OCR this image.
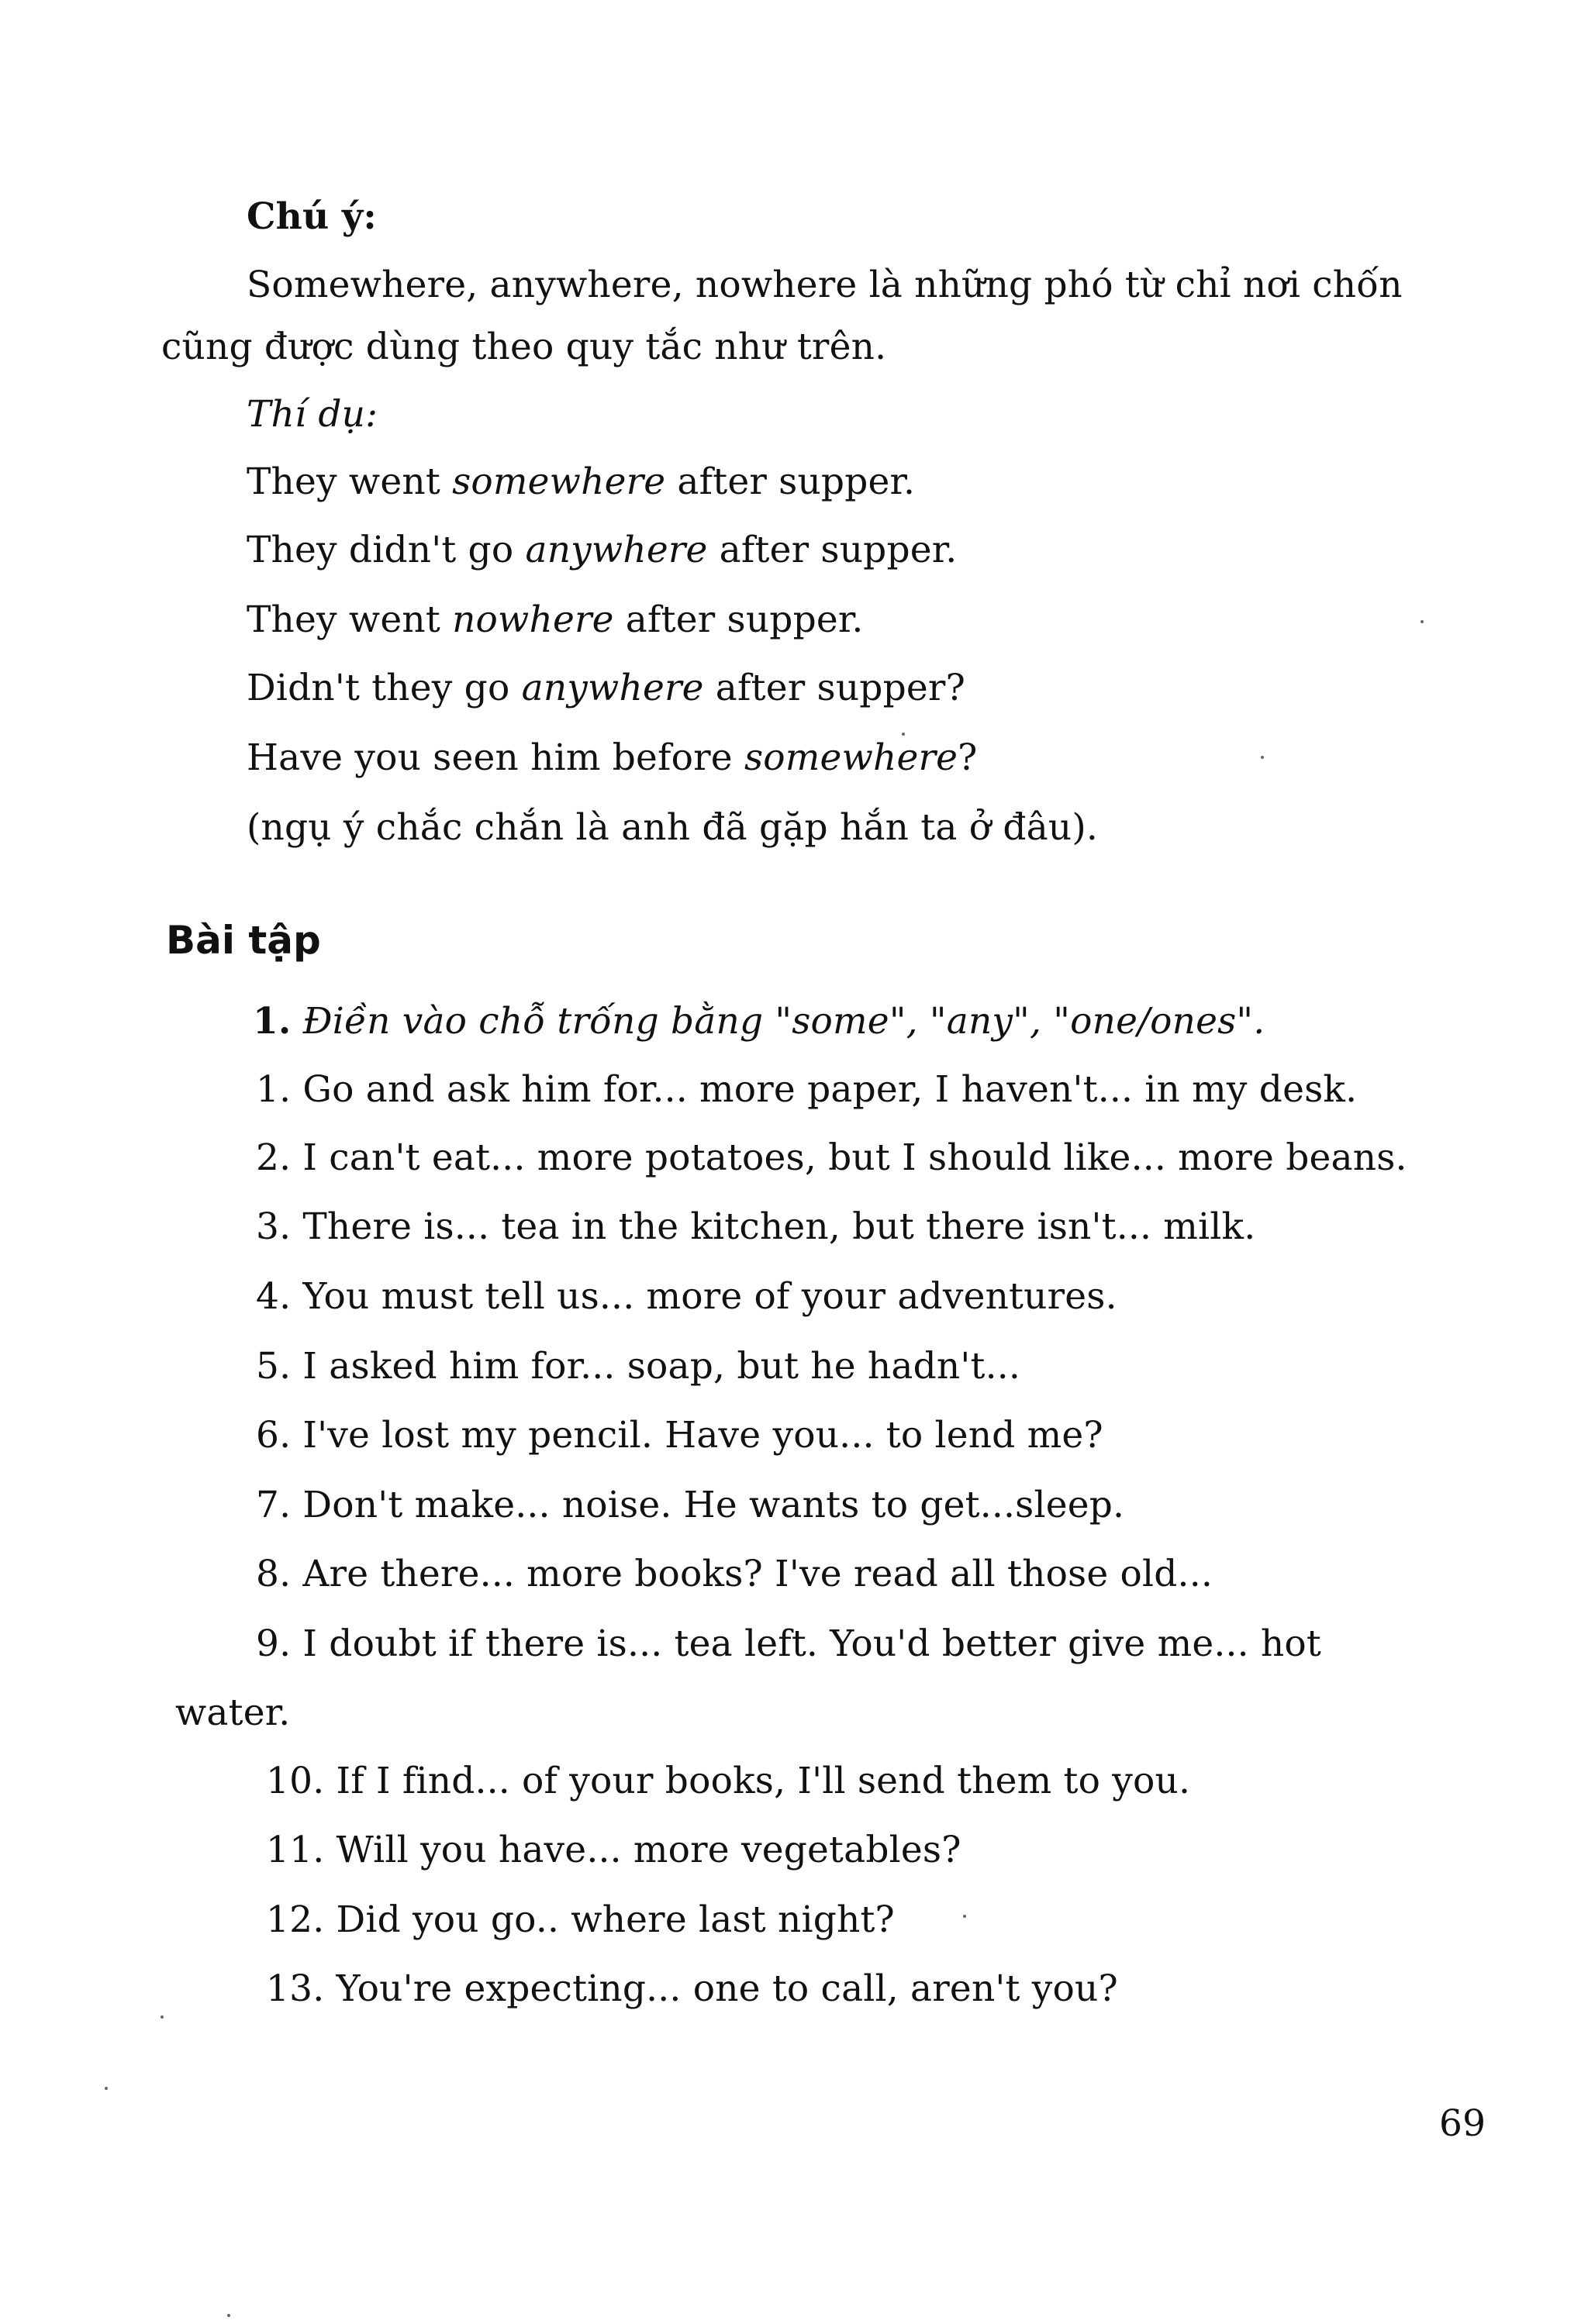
Chú ý:
Somewhere, anywhere, nowhere là những phó từ chỉ nơi chốn
cũng được dùng theo quy tắc như trên.
Thí dụ:
They went somewhere after supper.
They didn't go anywhere after supper.
They went nowhere after supper.
Didn't they go anywhere after supper?
Have you seen him before somewhere?
(ngụ ý chắc chắn là anh đã gặp hắn ta ở đâu).
Bài tập
1. Điền vào chỗ trống bằng "some", "any", "one/ones".
1. Go and ask him for... more paper, I haven't... in my desk.
2. I can't eat... more potatoes, but I should like... more beans.
3. There is... tea in the kitchen, but there isn't... milk.
4. You must tell us... more of your adventures.
5. I asked him for... soap, but he hadn't...
6. I've lost my pencil. Have you... to lend me?
7. Don't make... noise. He wants to get...sleep.
8. Are there... more books? I've read all those old...
9. I doubt if there is... tea left. You'd better give me... hot
water.
10. If I find... of your books, I'll send them to you.
11. Will you have... more vegetables?
12. Did you go.. where last night?
13. You're expecting... one to call, aren't you?
69
